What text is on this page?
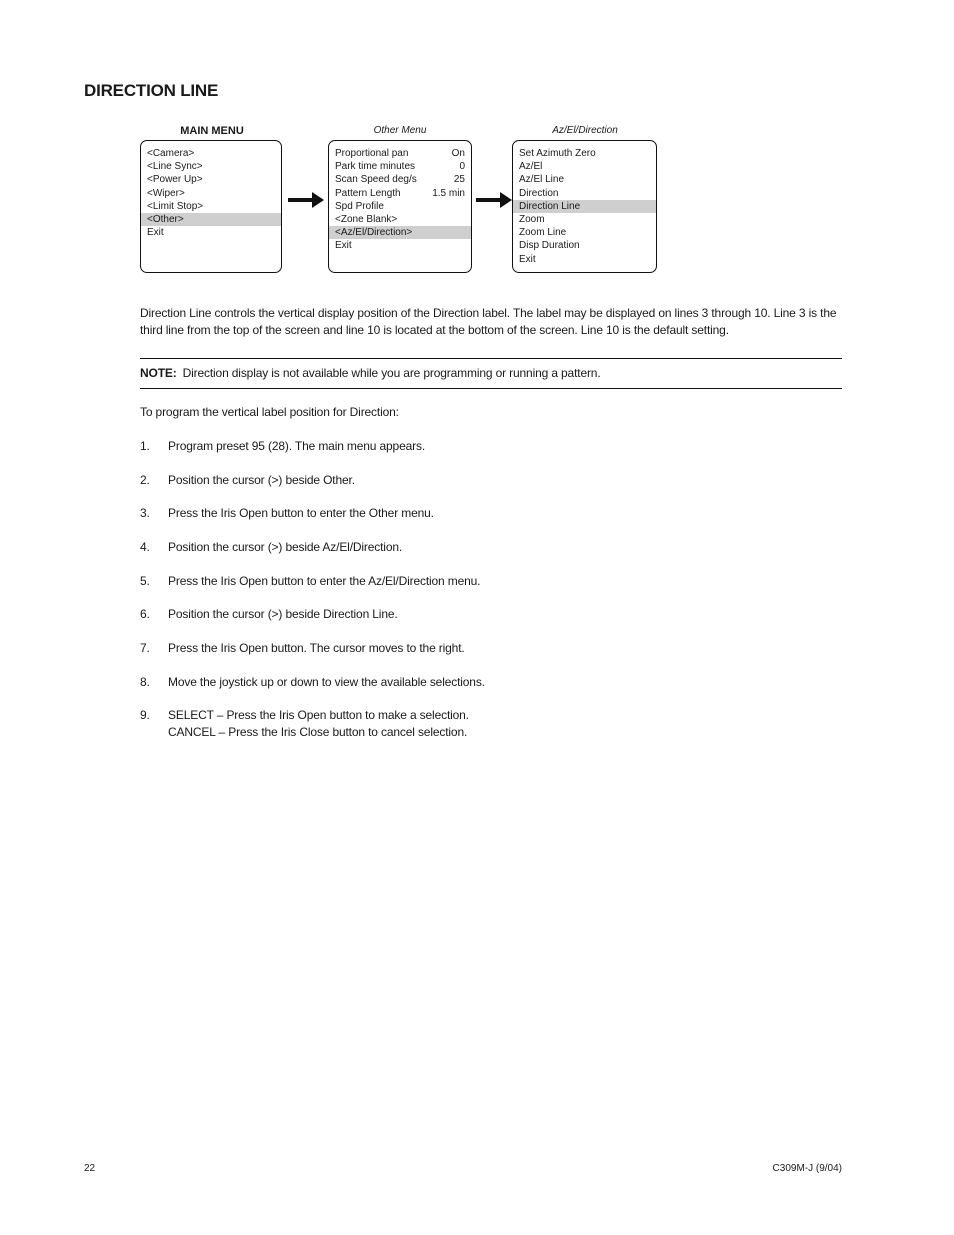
DIRECTION LINE
MAIN MENU
<Camera>
<Line Sync>
<Power Up>
<Wiper>
<Limit Stop>
<Other>
Exit
Other Menu
Proportional pan	On
Park time minutes	0
Scan Speed deg/s	25
Pattern Length	1.5 min
Spd Profile
<Zone Blank>
<Az/El/Direction>
Exit
Az/El/Direction
Set Azimuth Zero
Az/El
Az/El Line
Direction
Direction Line
Zoom
Zoom Line
Disp Duration
Exit

Direction Line controls the vertical display position of the Direction label. The label may be displayed on lines 3 through 10. Line 3 is the third line from the top of the screen and line 10 is located at the bottom of the screen. Line 10 is the default setting.

NOTE: Direction display is not available while you are programming or running a pattern.

To program the vertical label position for Direction:

1. Program preset 95 (28). The main menu appears.
2. Position the cursor (>) beside Other.
3. Press the Iris Open button to enter the Other menu.
4. Position the cursor (>) beside Az/El/Direction.
5. Press the Iris Open button to enter the Az/El/Direction menu.
6. Position the cursor (>) beside Direction Line.
7. Press the Iris Open button. The cursor moves to the right.
8. Move the joystick up or down to view the available selections.
9. SELECT – Press the Iris Open button to make a selection.
CANCEL – Press the Iris Close button to cancel selection.
22	C309M-J (9/04)
